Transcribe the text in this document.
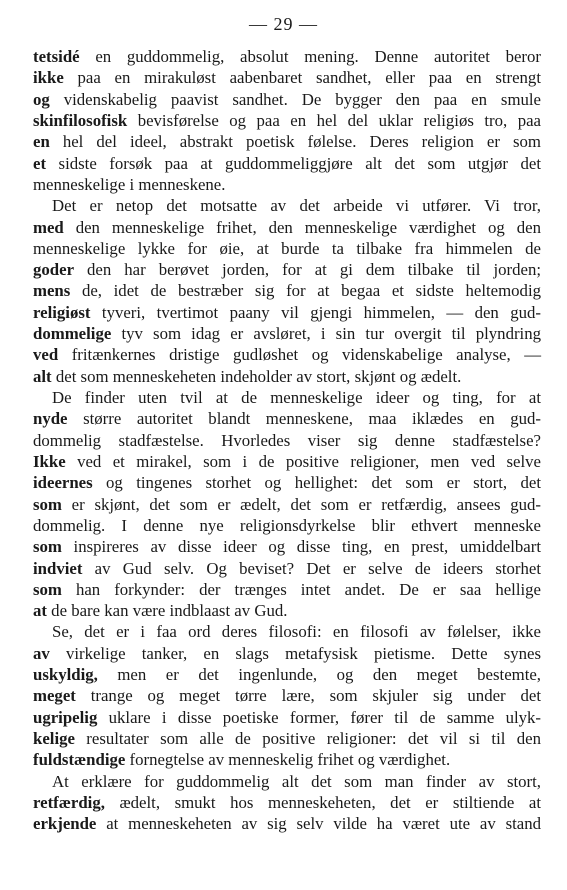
— 29 —
tetsidé en guddommelig, absolut mening. Denne autoritet beror
ikke paa en mirakuløst aabenbaret sandhet, eller paa en strengt
og videnskabelig paavist sandhet. De bygger den paa en smule
skinfilosofisk bevisførelse og paa en hel del uklar religiøs tro, paa
en hel del ideel, abstrakt poetisk følelse. Deres religion er som
et sidste forsøk paa at guddommeliggjøre alt det som utgjør det
menneskelige i menneskene.
Det er netop det motsatte av det arbeide vi utfører. Vi tror,
med den menneskelige frihet, den menneskelige værdighet og den
menneskelige lykke for øie, at burde ta tilbake fra himmelen de
goder den har berøvet jorden, for at gi dem tilbake til jorden;
mens de, idet de bestræber sig for at begaa et sidste heltemodig
religiøst tyveri, tvertimot paany vil gjengi himmelen, — den gud-
dommelige tyv som idag er avsløret, i sin tur overgit til plyndring
ved fritænkernes dristige gudløshet og videnskabelige analyse, —
alt det som menneskeheten indeholder av stort, skjønt og ædelt.
De finder uten tvil at de menneskelige ideer og ting, for at
nyde større autoritet blandt menneskene, maa iklædes en gud-
dommelig stadfæstelse. Hvorledes viser sig denne stadfæstelse?
Ikke ved et mirakel, som i de positive religioner, men ved selve
ideernes og tingenes storhet og hellighet: det som er stort, det
som er skjønt, det som er ædelt, det som er retfærdig, ansees gud-
dommelig. I denne nye religionsdyrkelse blir ethvert menneske
som inspireres av disse ideer og disse ting, en prest, umiddelbart
indviet av Gud selv. Og beviset? Det er selve de ideers storhet
som han forkynder: der trænges intet andet. De er saa hellige
at de bare kan være indblaast av Gud.
Se, det er i faa ord deres filosofi: en filosofi av følelser, ikke
av virkelige tanker, en slags metafysisk pietisme. Dette synes
uskyldig, men er det ingenlunde, og den meget bestemte,
meget trange og meget tørre lære, som skjuler sig under det
ugripelig uklare i disse poetiske former, fører til de samme ulyk-
kelige resultater som alle de positive religioner: det vil si til den
fuldstændige fornegtelse av menneskelig frihet og værdighet.
At erklære for guddommelig alt det som man finder av stort,
retfærdig, ædelt, smukt hos menneskeheten, det er stiltiende at
erkjende at menneskeheten av sig selv vilde ha været ute av stand
